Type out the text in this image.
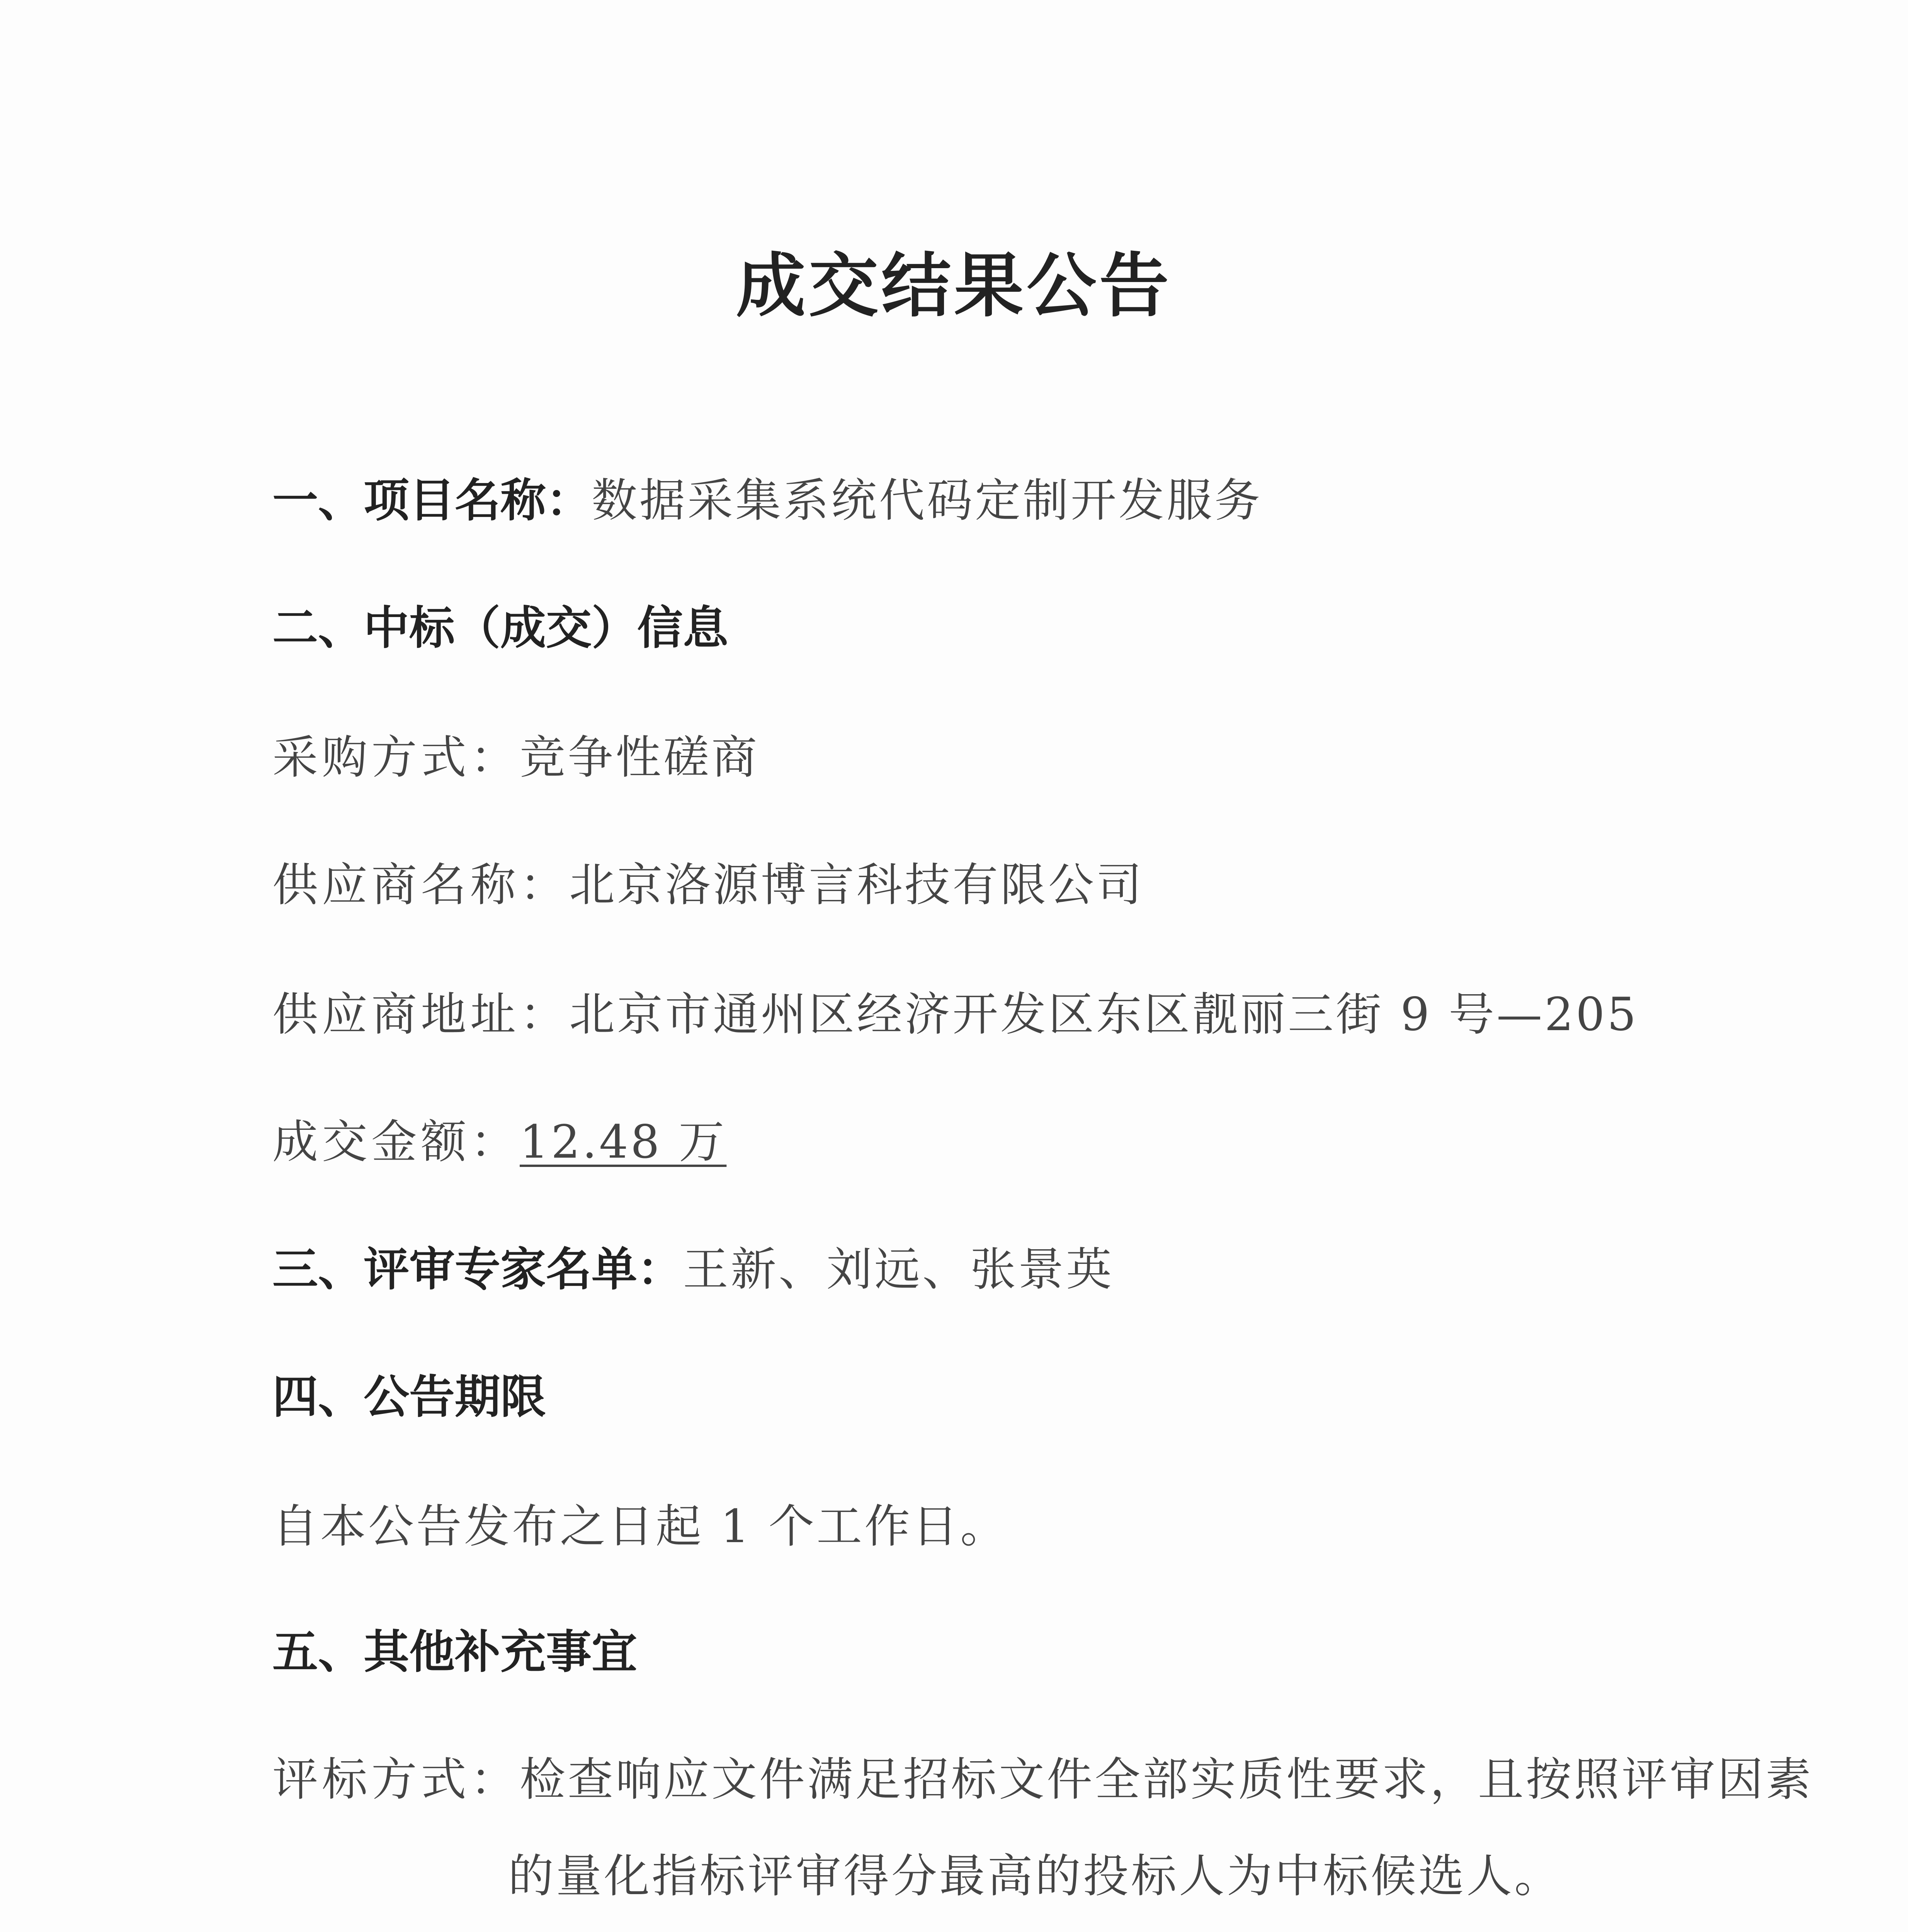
成交结果公告
一、项目名称：数据采集系统代码定制开发服务
二、中标（成交）信息
采购方式：竞争性磋商
供应商名称：北京洛源博言科技有限公司
供应商地址：北京市通州区经济开发区东区靓丽三街 9 号—205
成交金额：12.48 万
三、评审专家名单：王新、刘远、张景英
四、公告期限
自本公告发布之日起 1 个工作日。
五、其他补充事宜
评标方式：检查响应文件满足招标文件全部实质性要求，且按照评审因素
的量化指标评审得分最高的投标人为中标候选人。
